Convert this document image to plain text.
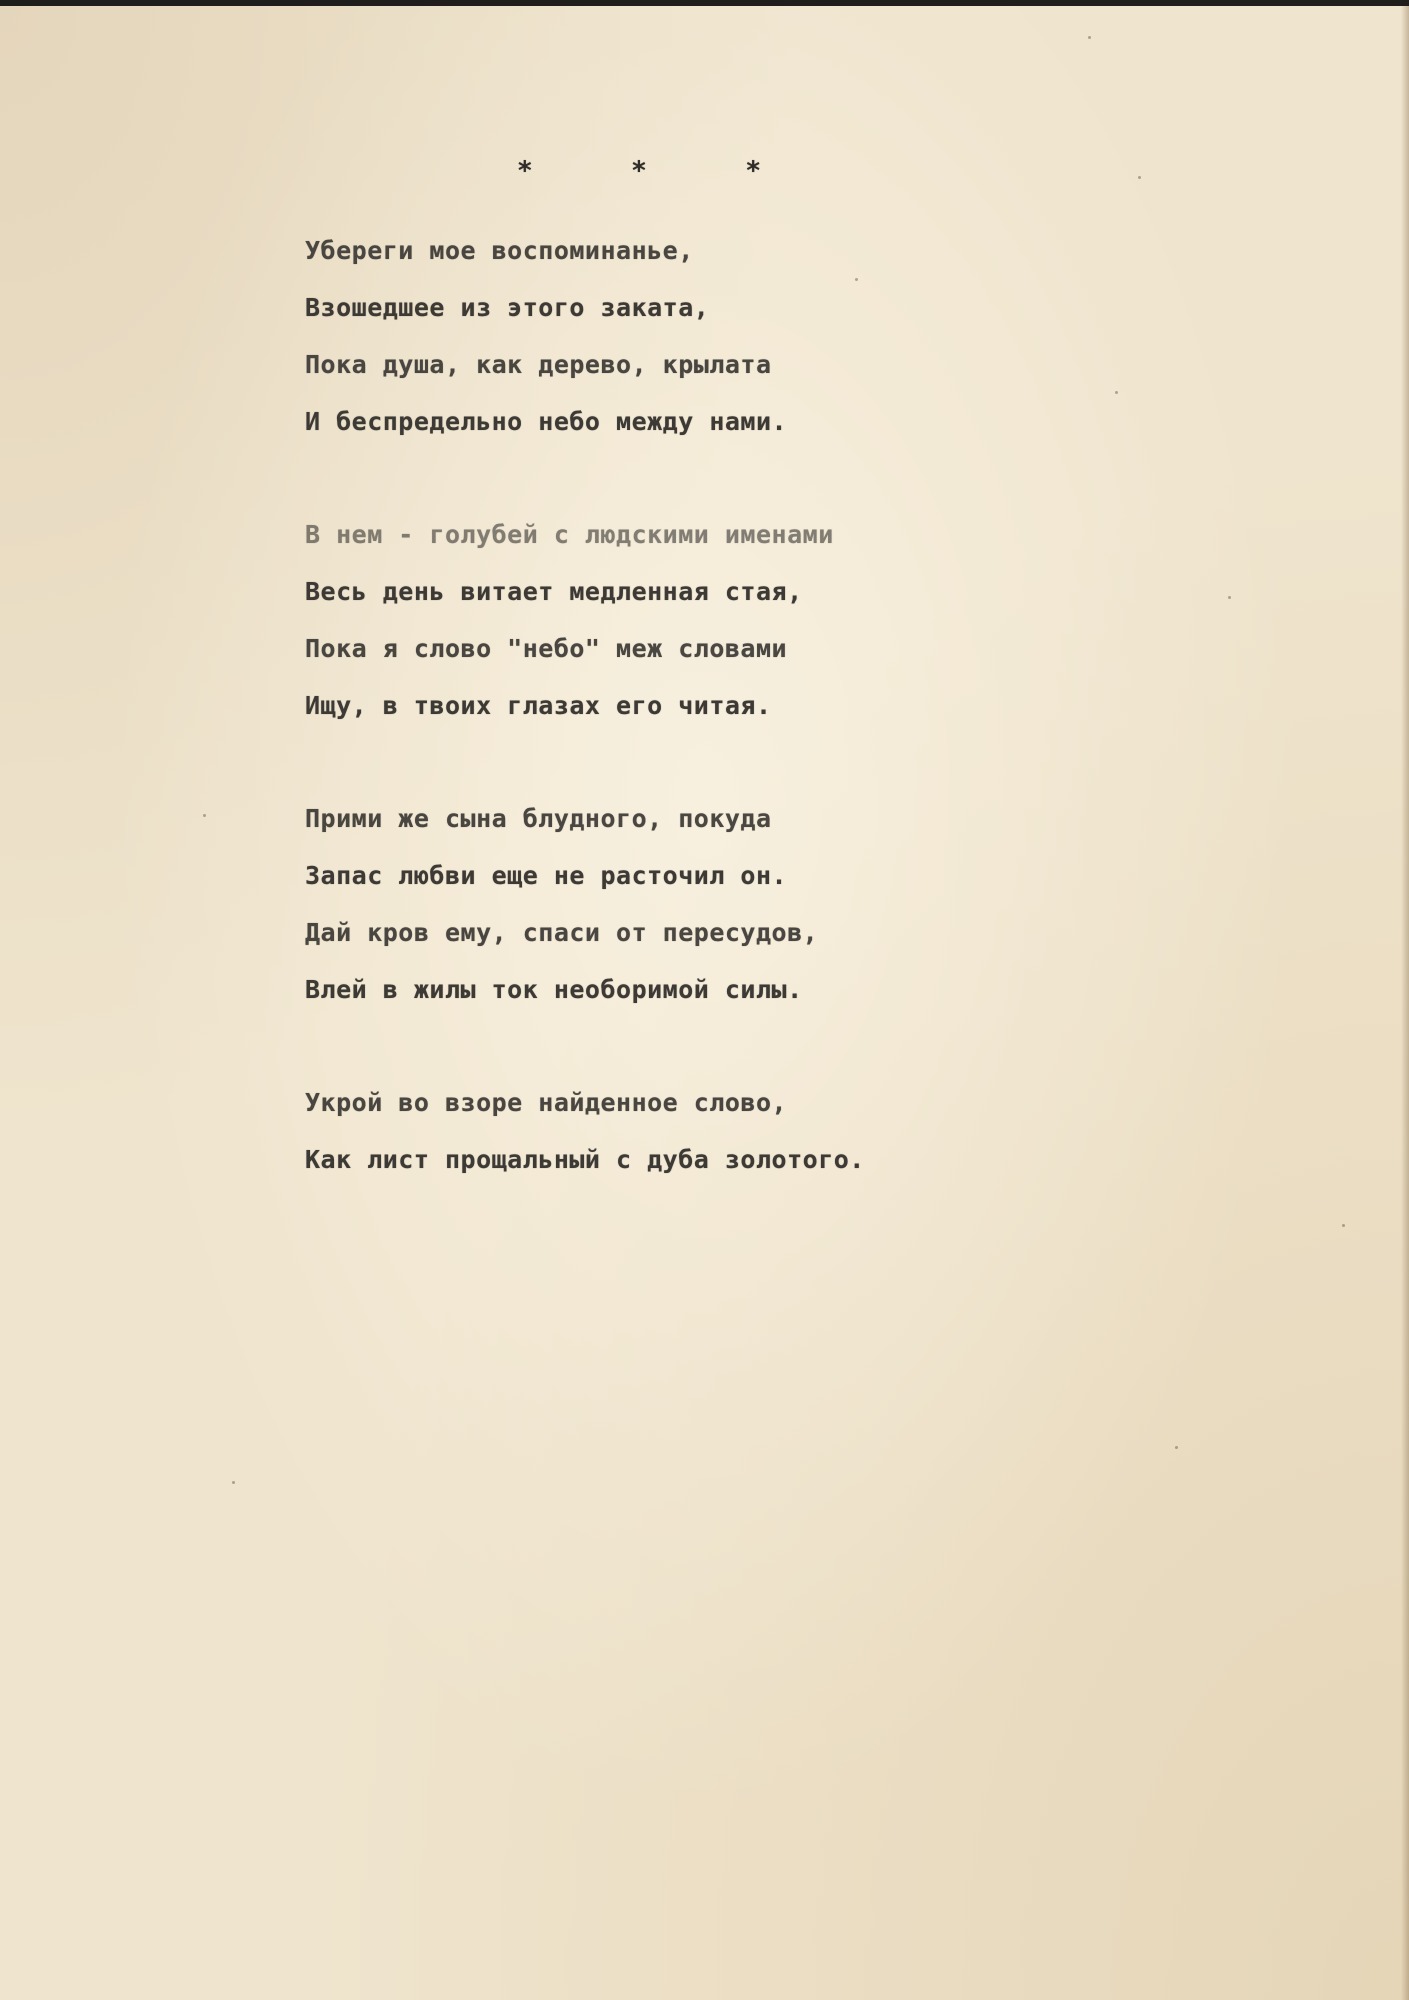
*	*	*
Убереги мое воспоминанье,
Взошедшее из этого заката,
Пока душа, как дерево, крылата
И беспредельно небо между нами.
В нем - голубей с людскими именами
Весь день витает медленная стая,
Пока я слово "небо" меж словами
Ищу, в твоих глазах его читая.
Прими же сына блудного, покуда
Запас любви еще не расточил он.
Дай кров ему, спаси от пересудов,
Влей в жилы ток необоримой силы.
Укрой во взоре найденное слово,
Как лист прощальный с дуба золотого.
